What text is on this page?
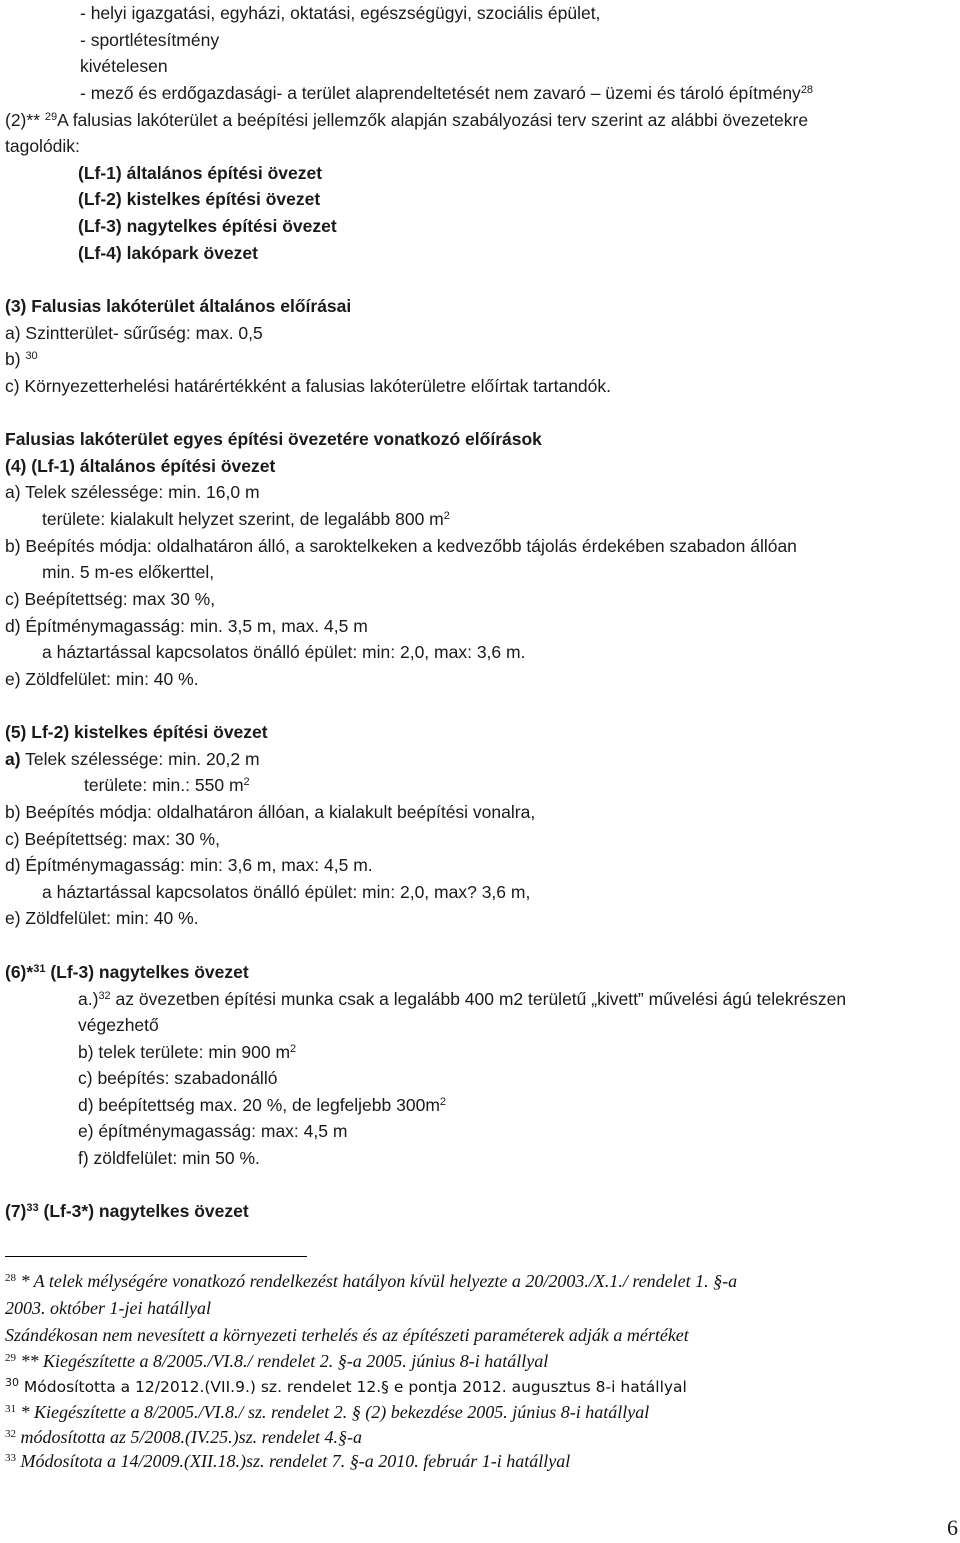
- helyi igazgatási, egyházi, oktatási, egészségügyi, szociális épület,
- sportlétesítmény
kivételesen
- mező és erdőgazdasági- a terület alaprendeltetését nem zavaró – üzemi és tároló építmény$^{28}$
(2)** $^{29}$A falusias lakóterület a beépítési jellemzők alapján szabályozási terv szerint az alábbi övezetekre
tagolódik:
(Lf-1) általános építési övezet
(Lf-2) kistelkes építési övezet
(Lf-3) nagytelkes építési övezet
(Lf-4) lakópark övezet
(3) Falusias lakóterület általános előírásai
a) Szintterület- sűrűség: max. 0,5
b) $^{30}$
c) Környezetterhelési határértékként a falusias lakóterületre előírtak tartandók.
Falusias lakóterület egyes építési övezetére vonatkozó előírások
(4) (Lf-1) általános építési övezet
a) Telek szélessége: min. 16,0 m
területe: kialakult helyzet szerint, de legalább 800 $m^2$
b) Beépítés módja: oldalhatáron álló, a saroktelkeken a kedvezőbb tájolás érdekében szabadon állóan
min. 5 m-es előkerttel,
c) Beépítettség: max 30 %,
d) Építménymagasság: min. 3,5 m, max. 4,5 m
a háztartással kapcsolatos önálló épület: min: 2,0, max: 3,6 m.
e) Zöldfelület: min: 40 %.
(5) Lf-2) kistelkes építési övezet
a) Telek szélessége: min. 20,2 m
területe: min.: 550 $m^2$
b) Beépítés módja: oldalhatáron állóan, a kialakult beépítési vonalra,
c) Beépítettség: max: 30 %,
d) Építménymagasság: min: 3,6 m, max: 4,5 m.
a háztartással kapcsolatos önálló épület: min: 2,0, max? 3,6 m,
e) Zöldfelület: min: 40 %.
(6)*$^{31}$ (Lf-3) nagytelkes övezet
a.)$^{32}$ az övezetben építési munka csak a legalább 400 m2 területű „kivett” művelési ágú telekrészen
végezhető
b) telek területe: min 900 $m^2$
c) beépítés: szabadonálló
d) beépítettség max. 20 %, de legfeljebb $300m^2$
e) építménymagasság: max: 4,5 m
f) zöldfelület: min 50 %.
$(7)^{33}$ (Lf-3*) nagytelkes övezet
$^{28}$ * A telek mélységére vonatkozó rendelkezést hatályon kívül helyezte a 20/2003./X.1./ rendelet 1. §-a
2003. október 1-jei hatállyal
Szándékosan nem nevesített a környezeti terhelés és az építészeti paraméterek adják a mértéket
$^{29}$ ** Kiegészítette a 8/2005./VI.8./ rendelet 2. §-a 2005. június 8-i hatállyal
$^{30}$ Módosította a 12/2012.(VII.9.) sz. rendelet 12.§ e pontja 2012. augusztus 8-i hatállyal
$^{31}$ * Kiegészítette a 8/2005./VI.8./ sz. rendelet 2. § (2) bekezdése 2005. június 8-i hatállyal
$^{32}$ módosította az 5/2008.(IV.25.)sz. rendelet 4.§-a
$^{33}$ Módosítota a 14/2009.(XII.18.)sz. rendelet 7. §-a 2010. február 1-i hatállyal
6
